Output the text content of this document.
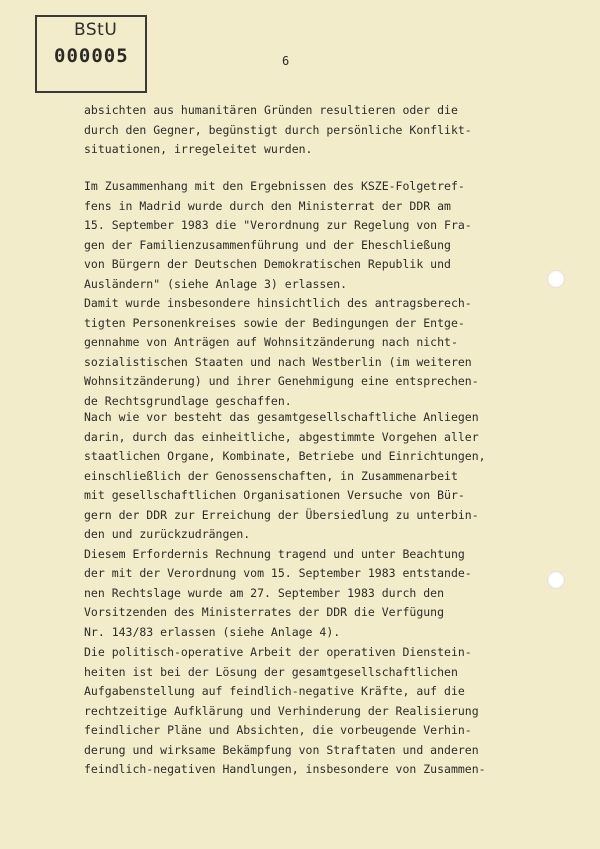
BStU
000005	6
absichten aus humanitären Gründen resultieren oder die
durch den Gegner, begünstigt durch persönliche Konflikt-
situationen, irregeleitet wurden.
Im Zusammenhang mit den Ergebnissen des KSZE-Folgetref-
fens in Madrid wurde durch den Ministerrat der DDR am
15. September 1983 die "Verordnung zur Regelung von Fra-
gen der Familienzusammenführung und der Eheschließung
von Bürgern der Deutschen Demokratischen Republik und
Ausländern" (siehe Anlage 3) erlassen.
Damit wurde insbesondere hinsichtlich des antragsberech-
tigten Personenkreises sowie der Bedingungen der Entge-
gennahme von Anträgen auf Wohnsitzänderung nach nicht-
sozialistischen Staaten und nach Westberlin (im weiteren
Wohnsitzänderung) und ihrer Genehmigung eine entsprechen-
de Rechtsgrundlage geschaffen.
Nach wie vor besteht das gesamtgesellschaftliche Anliegen
darin, durch das einheitliche, abgestimmte Vorgehen aller
staatlichen Organe, Kombinate, Betriebe und Einrichtungen,
einschließlich der Genossenschaften, in Zusammenarbeit
mit gesellschaftlichen Organisationen Versuche von Bür-
gern der DDR zur Erreichung der Übersiedlung zu unterbin-
den und zurückzudrängen.
Diesem Erfordernis Rechnung tragend und unter Beachtung
der mit der Verordnung vom 15. September 1983 entstande-
nen Rechtslage wurde am 27. September 1983 durch den
Vorsitzenden des Ministerrates der DDR die Verfügung
Nr. 143/83 erlassen (siehe Anlage 4).
Die politisch-operative Arbeit der operativen Dienstein-
heiten ist bei der Lösung der gesamtgesellschaftlichen
Aufgabenstellung auf feindlich-negative Kräfte, auf die
rechtzeitige Aufklärung und Verhinderung der Realisierung
feindlicher Pläne und Absichten, die vorbeugende Verhin-
derung und wirksame Bekämpfung von Straftaten und anderen
feindlich-negativen Handlungen, insbesondere von Zusammen-
